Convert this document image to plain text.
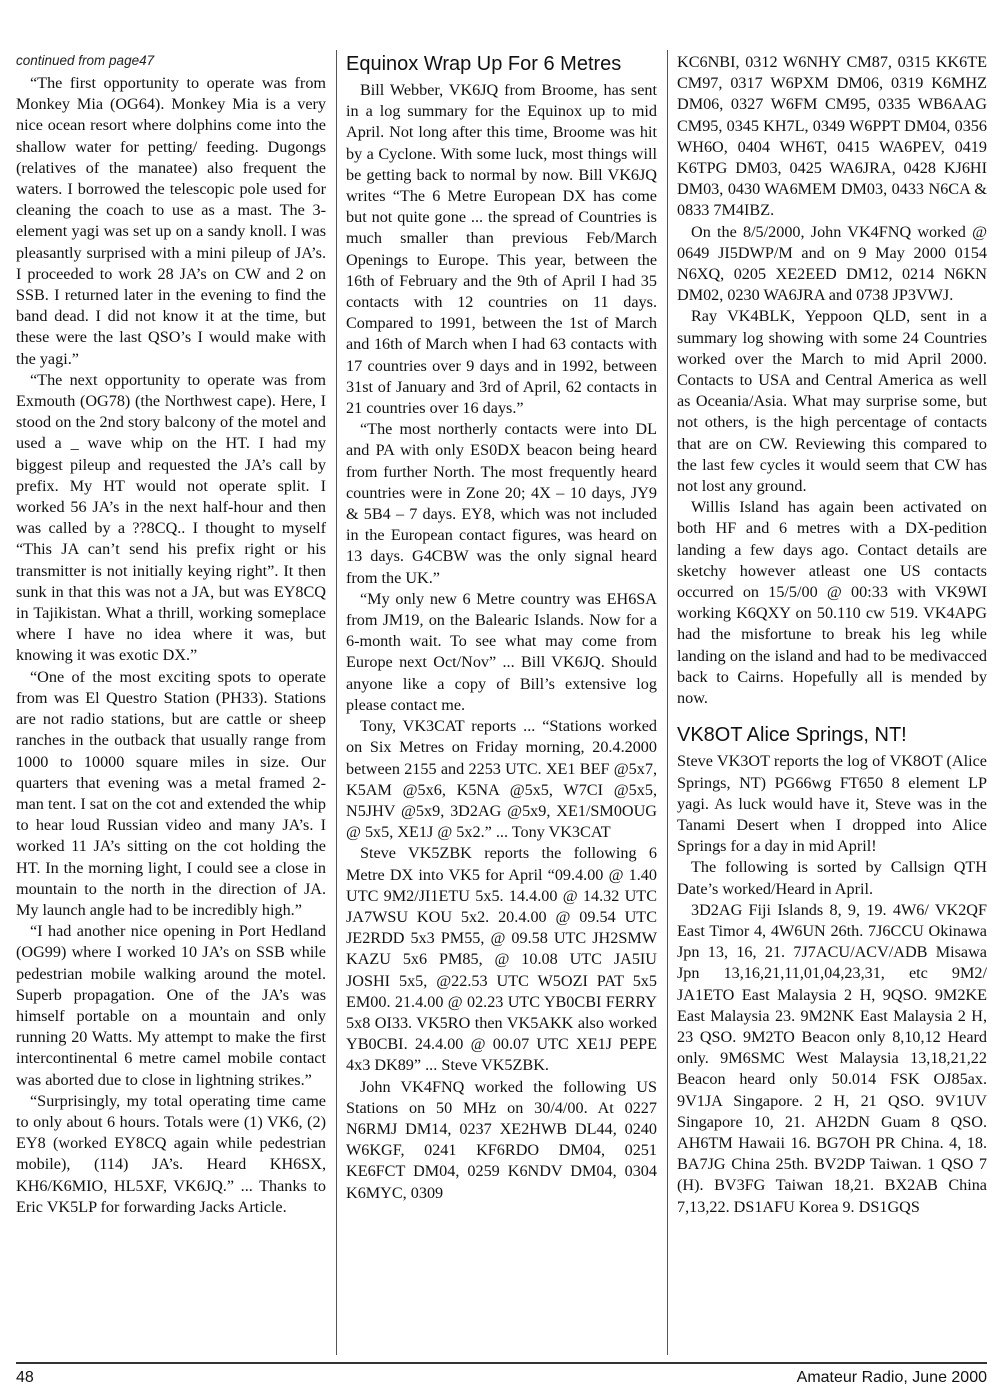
continued from page47

“The first opportunity to operate was from Monkey Mia (OG64). Monkey Mia is a very nice ocean resort where dolphins come into the shallow water for petting/ feeding. Dugongs (relatives of the manatee) also frequent the waters. I borrowed the telescopic pole used for cleaning the coach to use as a mast. The 3-element yagi was set up on a sandy knoll. I was pleasantly surprised with a mini pileup of JA’s. I proceeded to work 28 JA’s on CW and 2 on SSB. I returned later in the evening to find the band dead. I did not know it at the time, but these were the last QSO’s I would make with the yagi.”

“The next opportunity to operate was from Exmouth (OG78) (the Northwest cape). Here, I stood on the 2nd story balcony of the motel and used a _ wave whip on the HT. I had my biggest pileup and requested the JA’s call by prefix. My HT would not operate split. I worked 56 JA’s in the next half-hour and then was called by a ??8CQ.. I thought to myself “This JA can’t send his prefix right or his transmitter is not initially keying right”. It then sunk in that this was not a JA, but was EY8CQ in Tajikistan. What a thrill, working someplace where I have no idea where it was, but knowing it was exotic DX.”

“One of the most exciting spots to operate from was El Questro Station (PH33). Stations are not radio stations, but are cattle or sheep ranches in the outback that usually range from 1000 to 10000 square miles in size. Our quarters that evening was a metal framed 2-man tent. I sat on the cot and extended the whip to hear loud Russian video and many JA’s. I worked 11 JA’s sitting on the cot holding the HT. In the morning light, I could see a close in mountain to the north in the direction of JA. My launch angle had to be incredibly high.”

“I had another nice opening in Port Hedland (OG99) where I worked 10 JA’s on SSB while pedestrian mobile walking around the motel. Superb propagation. One of the JA’s was himself portable on a mountain and only running 20 Watts. My attempt to make the first intercontinental 6 metre camel mobile contact was aborted due to close in lightning strikes.”

“Surprisingly, my total operating time came to only about 6 hours. Totals were (1) VK6, (2) EY8 (worked EY8CQ again while pedestrian mobile), (114) JA’s. Heard KH6SX, KH6/K6MIO, HL5XF, VK6JQ.” ... Thanks to Eric VK5LP for forwarding Jacks Article.

Equinox Wrap Up For 6 Metres

Bill Webber, VK6JQ from Broome, has sent in a log summary for the Equinox up to mid April. Not long after this time, Broome was hit by a Cyclone. With some luck, most things will be getting back to normal by now. Bill VK6JQ writes “The 6 Metre European DX has come but not quite gone ... the spread of Countries is much smaller than previous Feb/March Openings to Europe. This year, between the 16th of February and the 9th of April I had 35 contacts with 12 countries on 11 days. Compared to 1991, between the 1st of March and 16th of March when I had 63 contacts with 17 countries over 9 days and in 1992, between 31st of January and 3rd of April, 62 contacts in 21 countries over 16 days.”

“The most northerly contacts were into DL and PA with only ES0DX beacon being heard from further North. The most frequently heard countries were in Zone 20; 4X – 10 days, JY9 & 5B4 – 7 days. EY8, which was not included in the European contact figures, was heard on 13 days. G4CBW was the only signal heard from the UK.”

“My only new 6 Metre country was EH6SA from JM19, on the Balearic Islands. Now for a 6-month wait. To see what may come from Europe next Oct/Nov” ... Bill VK6JQ. Should anyone like a copy of Bill’s extensive log please contact me.

Tony, VK3CAT reports ... “Stations worked on Six Metres on Friday morning, 20.4.2000 between 2155 and 2253 UTC. XE1 BEF @5x7, K5AM @5x6, K5NA @5x5, W7CI @5x5, N5JHV @5x9, 3D2AG @5x9, XE1/SM0OUG @ 5x5, XE1J @ 5x2.” ... Tony VK3CAT

Steve VK5ZBK reports the following 6 Metre DX into VK5 for April “09.4.00 @ 1.40 UTC 9M2/JI1ETU 5x5. 14.4.00 @ 14.32 UTC JA7WSU KOU 5x2. 20.4.00 @ 09.54 UTC JE2RDD 5x3 PM55, @ 09.58 UTC JH2SMW KAZU 5x6 PM85, @ 10.08 UTC JA5IU JOSHI 5x5, @22.53 UTC W5OZI PAT 5x5 EM00. 21.4.00 @ 02.23 UTC YB0CBI FERRY 5x8 OI33. VK5RO then VK5AKK also worked YB0CBI. 24.4.00 @ 00.07 UTC XE1J PEPE 4x3 DK89” ... Steve VK5ZBK.

John VK4FNQ worked the following US Stations on 50 MHz on 30/4/00. At 0227 N6RMJ DM14, 0237 XE2HWB DL44, 0240 W6KGF, 0241 KF6RDO DM04, 0251 KE6FCT DM04, 0259 K6NDV DM04, 0304 K6MYC, 0309

KC6NBI, 0312 W6NHY CM87, 0315 KK6TE CM97, 0317 W6PXM DM06, 0319 K6MHZ DM06, 0327 W6FM CM95, 0335 WB6AAG CM95, 0345 KH7L, 0349 W6PPT DM04, 0356 WH6O, 0404 WH6T, 0415 WA6PEV, 0419 K6TPG DM03, 0425 WA6JRA, 0428 KJ6HI DM03, 0430 WA6MEM DM03, 0433 N6CA & 0833 7M4IBZ.

On the 8/5/2000, John VK4FNQ worked @ 0649 JI5DWP/M and on 9 May 2000 0154 N6XQ, 0205 XE2EED DM12, 0214 N6KN DM02, 0230 WA6JRA and 0738 JP3VWJ.

Ray VK4BLK, Yeppoon QLD, sent in a summary log showing with some 24 Countries worked over the March to mid April 2000. Contacts to USA and Central America as well as Oceania/Asia. What may surprise some, but not others, is the high percentage of contacts that are on CW. Reviewing this compared to the last few cycles it would seem that CW has not lost any ground.

Willis Island has again been activated on both HF and 6 metres with a DX-pedition landing a few days ago. Contact details are sketchy however atleast one US contacts occurred on 15/5/00 @ 00:33 with VK9WI working K6QXY on 50.110 cw 519. VK4APG had the misfortune to break his leg while landing on the island and had to be medivacced back to Cairns. Hopefully all is mended by now.

VK8OT Alice Springs, NT!

Steve VK3OT reports the log of VK8OT (Alice Springs, NT) PG66wg FT650 8 element LP yagi. As luck would have it, Steve was in the Tanami Desert when I dropped into Alice Springs for a day in mid April!

The following is sorted by Callsign QTH Date’s worked/Heard in April.

3D2AG Fiji Islands 8, 9, 19. 4W6/ VK2QF East Timor 4, 4W6UN 26th. 7J6CCU Okinawa Jpn 13, 16, 21. 7J7ACU/ACV/ADB Misawa Jpn 13,16,21,11,01,04,23,31, etc 9M2/ JA1ETO East Malaysia 2 H, 9QSO. 9M2KE East Malaysia 23. 9M2NK East Malaysia 2 H, 23 QSO. 9M2TO Beacon only 8,10,12 Heard only. 9M6SMC West Malaysia 13,18,21,22 Beacon heard only 50.014 FSK OJ85ax. 9V1JA Singapore. 2 H, 21 QSO. 9V1UV Singapore 10, 21. AH2DN Guam 8 QSO. AH6TM Hawaii 16. BG7OH PR China. 4, 18. BA7JG China 25th. BV2DP Taiwan. 1 QSO 7 (H). BV3FG Taiwan 18,21. BX2AB China 7,13,22. DS1AFU Korea 9. DS1GQS

48	Amateur Radio, June 2000
